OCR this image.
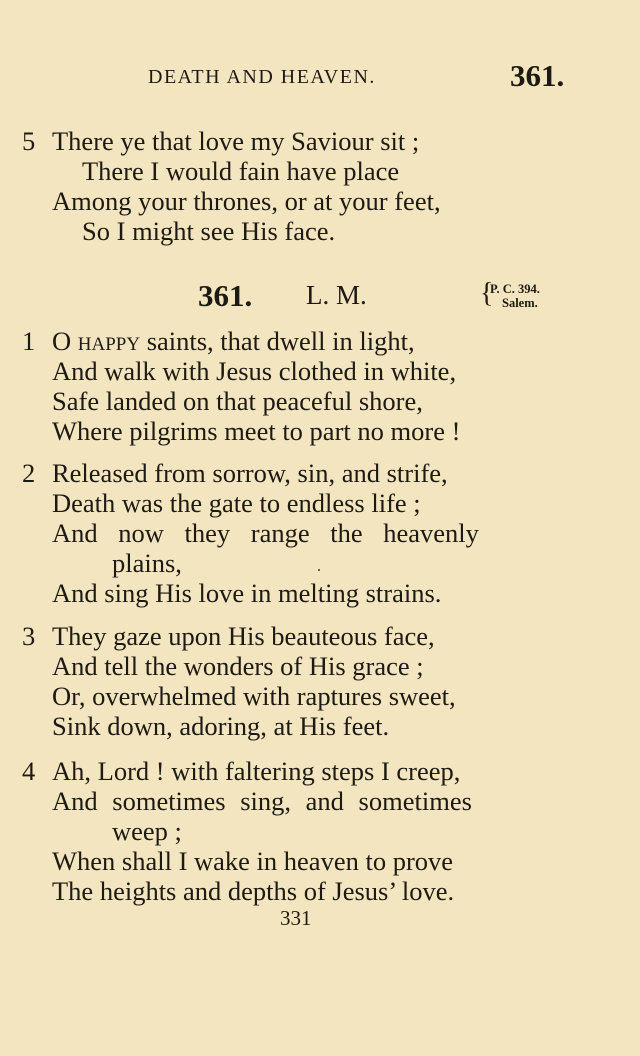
DEATH AND HEAVEN.	361.
5 There ye that love my Saviour sit ;
There I would fain have place
Among your thrones, or at your feet,
So I might see His face.
361. L. M.	{
P. C. 394.
Salem.
1 O happy saints, that dwell in light,
And walk with Jesus clothed in white,
Safe landed on that peaceful shore,
Where pilgrims meet to part no more !
2 Released from sorrow, sin, and strife,
Death was the gate to endless life ;
And now they range the heavenly
plains,
And sing His love in melting strains.
3 They gaze upon His beauteous face,
And tell the wonders of His grace ;
Or, overwhelmed with raptures sweet,
Sink down, adoring, at His feet.
4 Ah, Lord ! with faltering steps I creep,
And sometimes sing, and sometimes
weep ;
When shall I wake in heaven to prove
The heights and depths of Jesus’ love.
331
